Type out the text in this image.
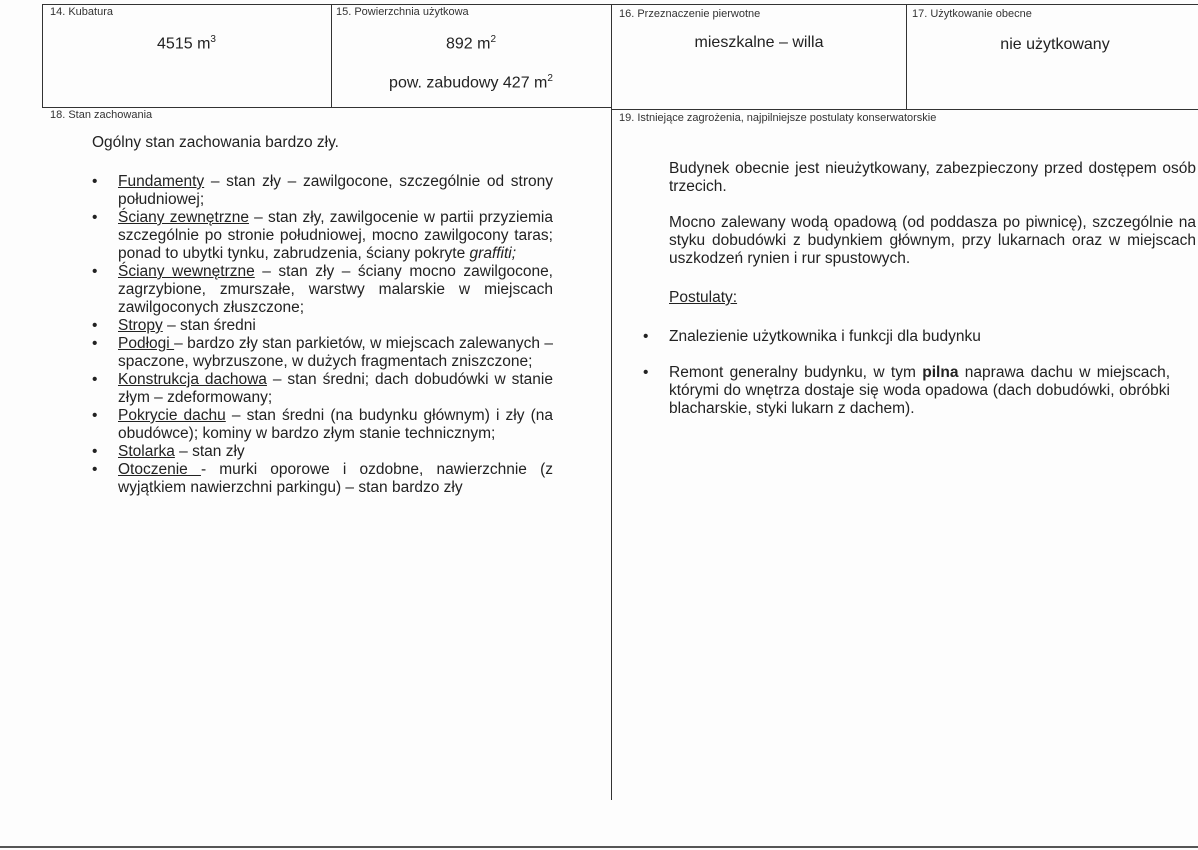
14. Kubatura
4515 $m^3$
15. Powierzchnia użytkowa
892 $m^2$
pow. zabudowy 427 $m^2$
16. Przeznaczenie pierwotne
mieszkalne – willa
17. Użytkowanie obecne
nie użytkowany
18. Stan zachowania
Ogólny stan zachowania bardzo zły.
• Fundamenty – stan zły – zawilgocone, szczególnie od strony południowej;
• Ściany zewnętrzne – stan zły, zawilgocenie w partii przyziemia szczególnie po stronie południowej, mocno zawilgocony taras; ponad to ubytki tynku, zabrudzenia, ściany pokryte graffiti;
• Ściany wewnętrzne – stan zły – ściany mocno zawilgocone, zagrzybione, zmurszałe, warstwy malarskie w miejscach zawilgoconych złuszczone;
• Stropy – stan średni
• Podłogi – bardzo zły stan parkietów, w miejscach zalewanych – spaczone, wybrzuszone, w dużych fragmentach zniszczone;
• Konstrukcja dachowa – stan średni; dach dobudówki w stanie złym – zdeformowany;
• Pokrycie dachu – stan średni (na budynku głównym) i zły (na obudówce); kominy w bardzo złym stanie technicznym;
• Stolarka – stan zły
• Otoczenie - murki oporowe i ozdobne, nawierzchnie (z wyjątkiem nawierzchni parkingu) – stan bardzo zły
19. Istniejące zagrożenia, najpilniejsze postulaty konserwatorskie
Budynek obecnie jest nieużytkowany, zabezpieczony przed dostępem osób trzecich.
Mocno zalewany wodą opadową (od poddasza po piwnicę), szczególnie na styku dobudówki z budynkiem głównym, przy lukarnach oraz w miejscach uszkodzeń rynien i rur spustowych.
Postulaty:
• Znalezienie użytkownika i funkcji dla budynku
• Remont generalny budynku, w tym pilna naprawa dachu w miejscach, którymi do wnętrza dostaje się woda opadowa (dach dobudówki, obróbki blacharskie, styki lukarn z dachem).
